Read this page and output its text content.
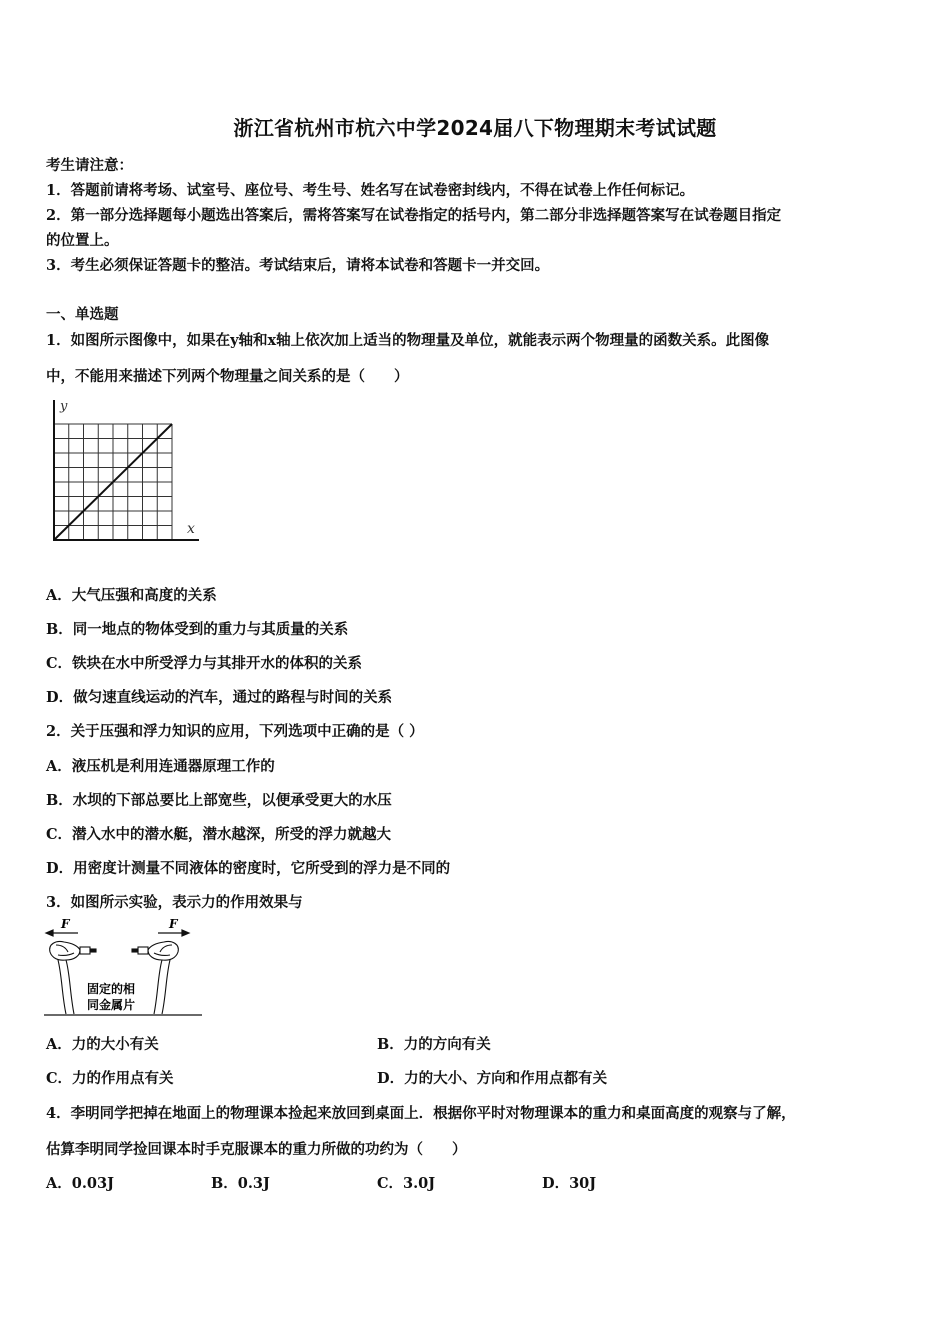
浙江省杭州市杭六中学2024届八下物理期末考试试题
考生请注意：
1．答题前请将考场、试室号、座位号、考生号、姓名写在试卷密封线内，不得在试卷上作任何标记。
2．第一部分选择题每小题选出答案后，需将答案写在试卷指定的括号内，第二部分非选择题答案写在试卷题目指定
的位置上。
3．考生必须保证答题卡的整洁。考试结束后，请将本试卷和答题卡一并交回。
一、单选题
1．如图所示图像中，如果在y轴和x轴上依次加上适当的物理量及单位，就能表示两个物理量的函数关系。此图像
中，不能用来描述下列两个物理量之间关系的是（　　）
y
x
A．大气压强和高度的关系
B．同一地点的物体受到的重力与其质量的关系
C．铁块在水中所受浮力与其排开水的体积的关系
D．做匀速直线运动的汽车，通过的路程与时间的关系
2．关于压强和浮力知识的应用，下列选项中正确的是（ ）
A．液压机是利用连通器原理工作的
B．水坝的下部总要比上部宽些，以便承受更大的水压
C．潜入水中的潜水艇，潜水越深，所受的浮力就越大
D．用密度计测量不同液体的密度时，它所受到的浮力是不同的
3．如图所示实验，表示力的作用效果与
F	F
固定的相
同金属片
A．力的大小有关	B．力的方向有关
C．力的作用点有关	D．力的大小、方向和作用点都有关
4．李明同学把掉在地面上的物理课本捡起来放回到桌面上．根据你平时对物理课本的重力和桌面高度的观察与了解，
估算李明同学捡回课本时手克服课本的重力所做的功约为（　　）
A．0.03J	B．0.3J	C．3.0J	D．30J
